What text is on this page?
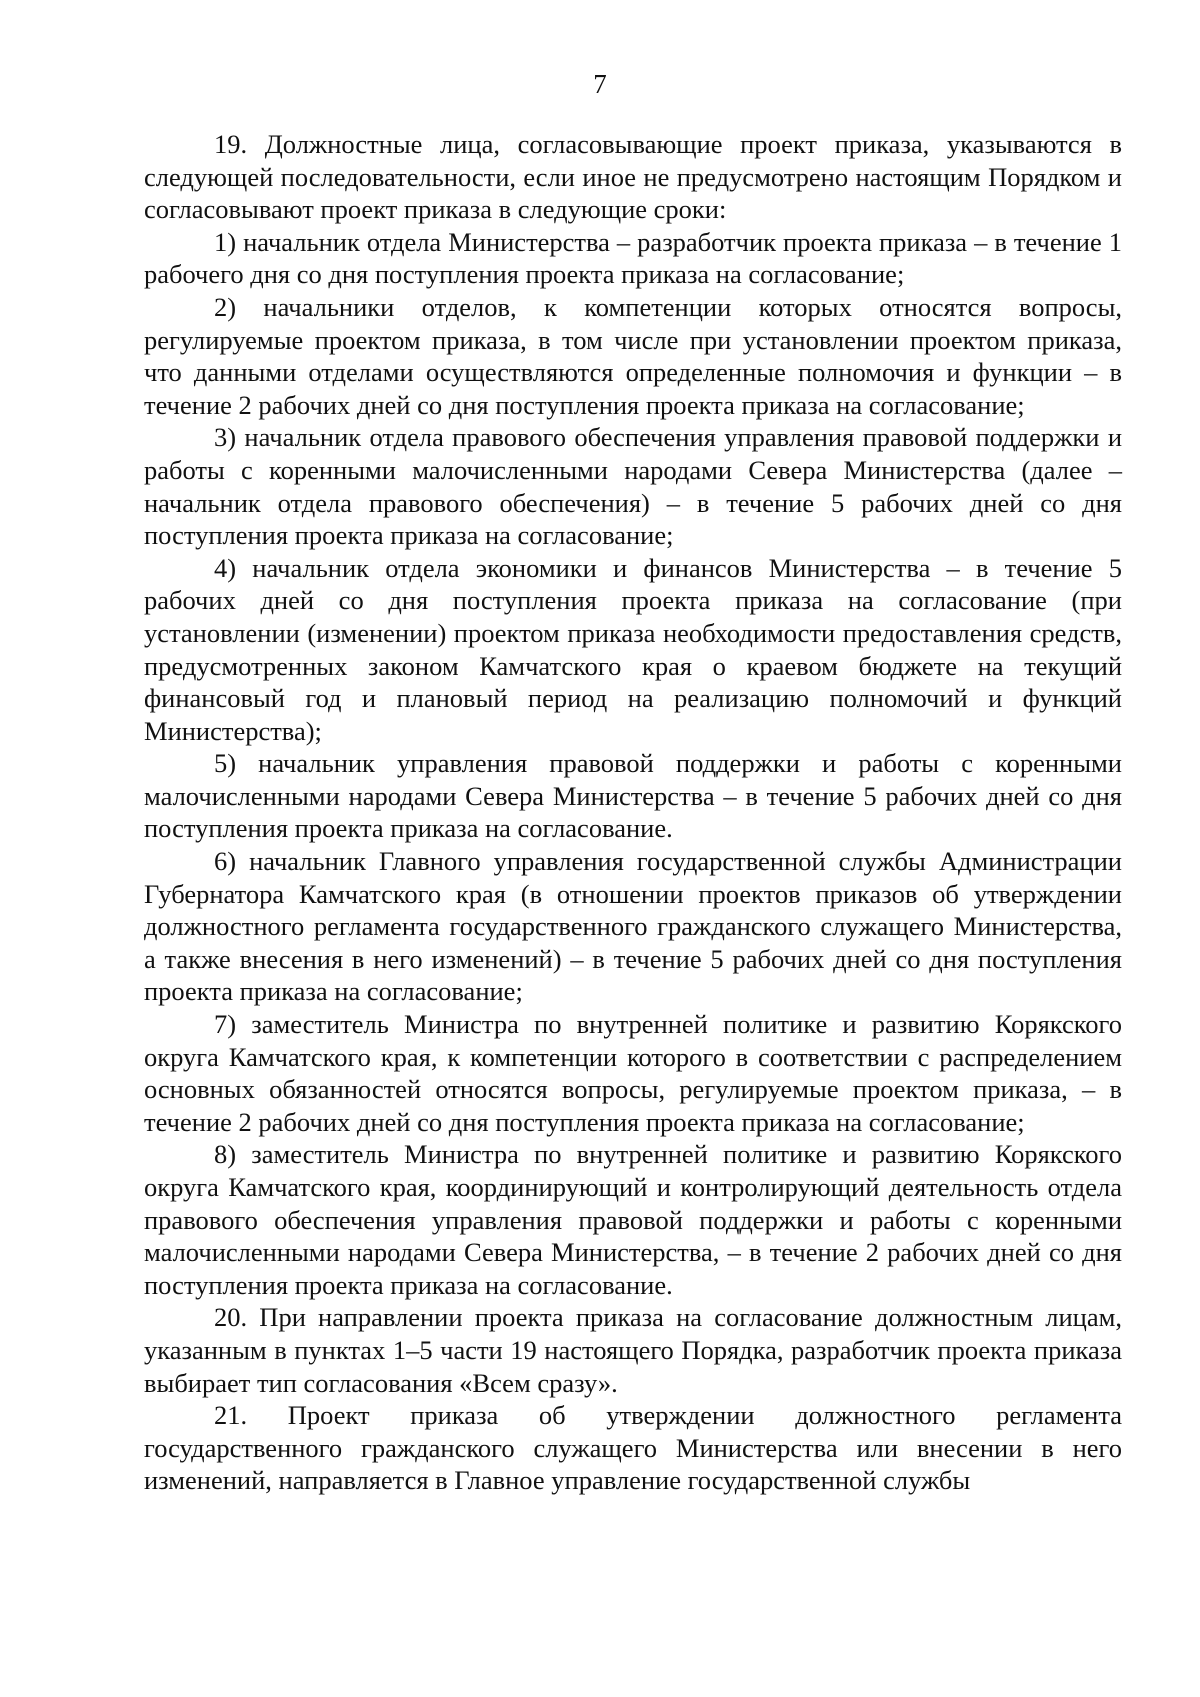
7

19. Должностные лица, согласовывающие проект приказа, указываются в следующей последовательности, если иное не предусмотрено настоящим Порядком и согласовывают проект приказа в следующие сроки:

1) начальник отдела Министерства – разработчик проекта приказа – в течение 1 рабочего дня со дня поступления проекта приказа на согласование;

2) начальники отделов, к компетенции которых относятся вопросы, регулируемые проектом приказа, в том числе при установлении проектом приказа, что данными отделами осуществляются определенные полномочия и функции – в течение 2 рабочих дней со дня поступления проекта приказа на согласование;

3) начальник отдела правового обеспечения управления правовой поддержки и работы с коренными малочисленными народами Севера Министерства (далее – начальник отдела правового обеспечения) – в течение 5 рабочих дней со дня поступления проекта приказа на согласование;

4) начальник отдела экономики и финансов Министерства – в течение 5 рабочих дней со дня поступления проекта приказа на согласование (при установлении (изменении) проектом приказа необходимости предоставления средств, предусмотренных законом Камчатского края о краевом бюджете на текущий финансовый год и плановый период на реализацию полномочий и функций Министерства);

5) начальник управления правовой поддержки и работы с коренными малочисленными народами Севера Министерства – в течение 5 рабочих дней со дня поступления проекта приказа на согласование.

6) начальник Главного управления государственной службы Администрации Губернатора Камчатского края (в отношении проектов приказов об утверждении должностного регламента государственного гражданского служащего Министерства, а также внесения в него изменений) – в течение 5 рабочих дней со дня поступления проекта приказа на согласование;

7) заместитель Министра по внутренней политике и развитию Корякского округа Камчатского края, к компетенции которого в соответствии с распределением основных обязанностей относятся вопросы, регулируемые проектом приказа, – в течение 2 рабочих дней со дня поступления проекта приказа на согласование;

8) заместитель Министра по внутренней политике и развитию Корякского округа Камчатского края, координирующий и контролирующий деятельность отдела правового обеспечения управления правовой поддержки и работы с коренными малочисленными народами Севера Министерства, – в течение 2 рабочих дней со дня поступления проекта приказа на согласование.

20. При направлении проекта приказа на согласование должностным лицам, указанным в пунктах 1–5 части 19 настоящего Порядка, разработчик проекта приказа выбирает тип согласования «Всем сразу».

21. Проект приказа об утверждении должностного регламента государственного гражданского служащего Министерства или внесении в него изменений, направляется в Главное управление государственной службы
